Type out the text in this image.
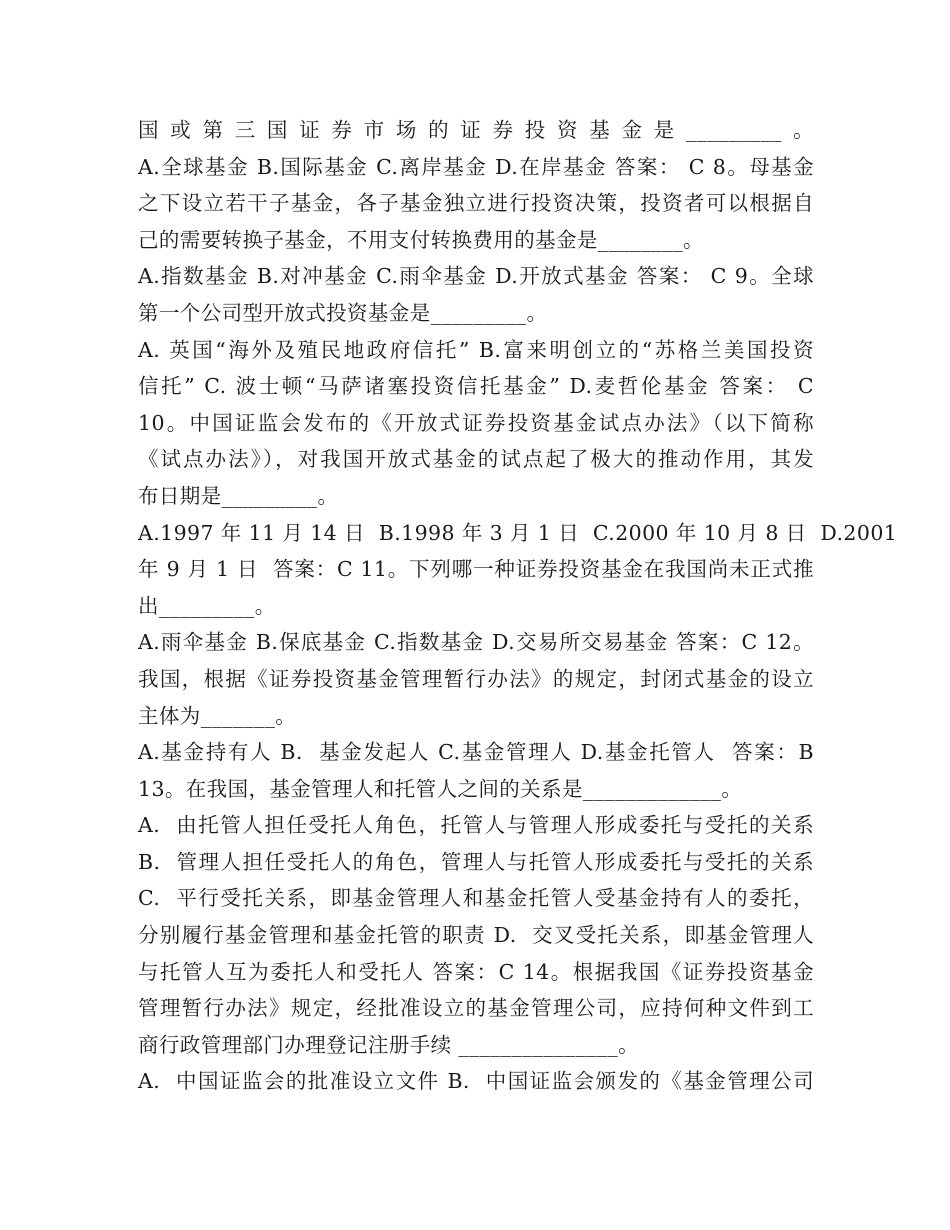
国或第三国证券市场的证券投资基金是_________。
A.全球基金 B.国际基金 C.离岸基金 D.在岸基金 答案： C 8。母基金
之下设立若干子基金，各子基金独立进行投资决策，投资者可以根据自
己的需要转换子基金，不用支付转换费用的基金是________。
A.指数基金 B.对冲基金 C.雨伞基金 D.开放式基金 答案： C 9。全球
第一个公司型开放式投资基金是_________。
A. 英国“海外及殖民地政府信托” B.富来明创立的“苏格兰美国投资
信托” C. 波士顿“马萨诸塞投资信托基金” D.麦哲伦基金 答案： C
10。中国证监会发布的《开放式证券投资基金试点办法》（以下简称
《试点办法》），对我国开放式基金的试点起了极大的推动作用，其发
布日期是_________。
A.1997 年 11 月 14 日  B.1998 年 3 月 1 日  C.2000 年 10 月 8 日  D.2001
年 9 月 1 日  答案：C 11。下列哪一种证券投资基金在我国尚未正式推
出_________。
A.雨伞基金 B.保底基金 C.指数基金 D.交易所交易基金 答案：C 12。
我国，根据《证券投资基金管理暂行办法》的规定，封闭式基金的设立
主体为_______。
A.基金持有人 B.  基金发起人 C.基金管理人 D.基金托管人  答案：B
13。在我国，基金管理人和托管人之间的关系是_____________。
A.  由托管人担任受托人角色，托管人与管理人形成委托与受托的关系
B.  管理人担任受托人的角色，管理人与托管人形成委托与受托的关系
C.  平行受托关系，即基金管理人和基金托管人受基金持有人的委托，
分别履行基金管理和基金托管的职责 D.  交叉受托关系，即基金管理人
与托管人互为委托人和受托人 答案：C 14。根据我国《证券投资基金
管理暂行办法》规定，经批准设立的基金管理公司，应持何种文件到工
商行政管理部门办理登记注册手续 _______________。
A.  中国证监会的批准设立文件 B.  中国证监会颁发的《基金管理公司
